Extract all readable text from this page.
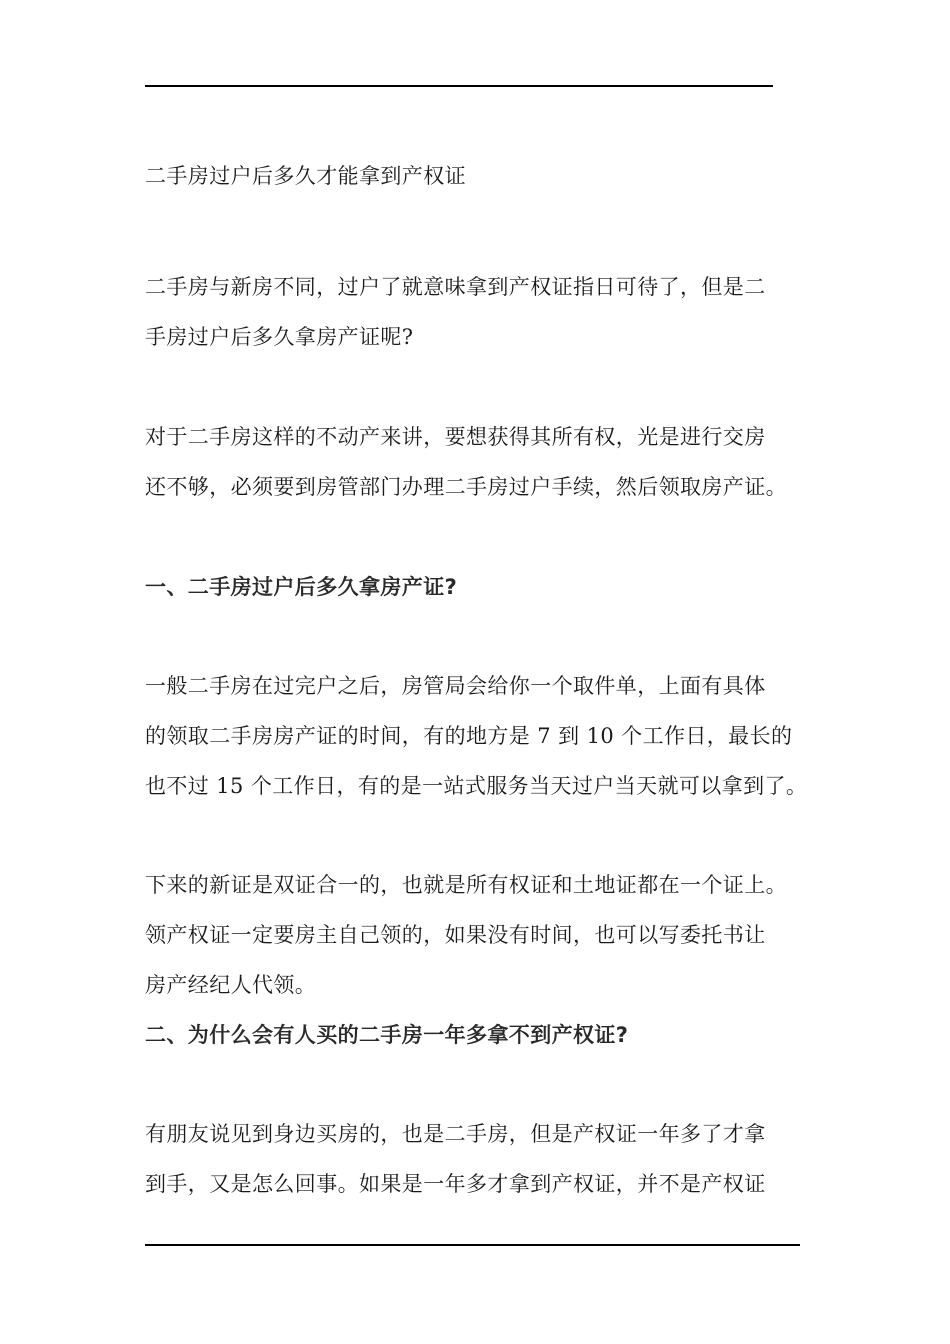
二手房过户后多久才能拿到产权证
二手房与新房不同，过户了就意味拿到产权证指日可待了，但是二
手房过户后多久拿房产证呢?
对于二手房这样的不动产来讲，要想获得其所有权，光是进行交房
还不够，必须要到房管部门办理二手房过户手续，然后领取房产证。
一、二手房过户后多久拿房产证?
一般二手房在过完户之后，房管局会给你一个取件单，上面有具体
的领取二手房房产证的时间，有的地方是 7 到 10 个工作日，最长的
也不过 15 个工作日，有的是一站式服务当天过户当天就可以拿到了。
下来的新证是双证合一的，也就是所有权证和土地证都在一个证上。
领产权证一定要房主自己领的，如果没有时间，也可以写委托书让
房产经纪人代领。
二、为什么会有人买的二手房一年多拿不到产权证?
有朋友说见到身边买房的，也是二手房，但是产权证一年多了才拿
到手，又是怎么回事。如果是一年多才拿到产权证，并不是产权证
